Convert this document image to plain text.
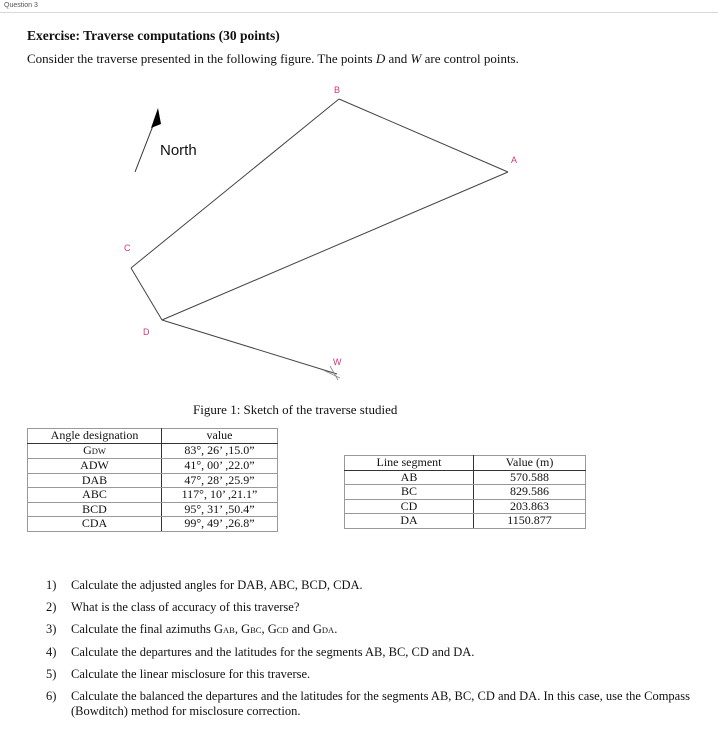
Question 3
Exercise: Traverse computations (30 points)
Consider the traverse presented in the following figure. The points D and W are control points.
North
B
A
C
D
W
Figure 1: Sketch of the traverse studied
Angle designation	value
GDW	83°, 26’ ,15.0”
ADW	41°, 00’ ,22.0”
DAB	47°, 28’ ,25.9”
ABC	117°, 10’ ,21.1”
BCD	95°, 31’ ,50.4”
CDA	99°, 49’ ,26.8”
Line segment	Value (m)
AB	570.588
BC	829.586
CD	203.863
DA	1150.877
1) Calculate the adjusted angles for DAB, ABC, BCD, CDA.
2) What is the class of accuracy of this traverse?
3) Calculate the final azimuths GAB, GBC, GCD and GDA.
4) Calculate the departures and the latitudes for the segments AB, BC, CD and DA.
5) Calculate the linear misclosure for this traverse.
6) Calculate the balanced the departures and the latitudes for the segments AB, BC, CD and DA. In this case, use the Compass (Bowditch) method for misclosure correction.
